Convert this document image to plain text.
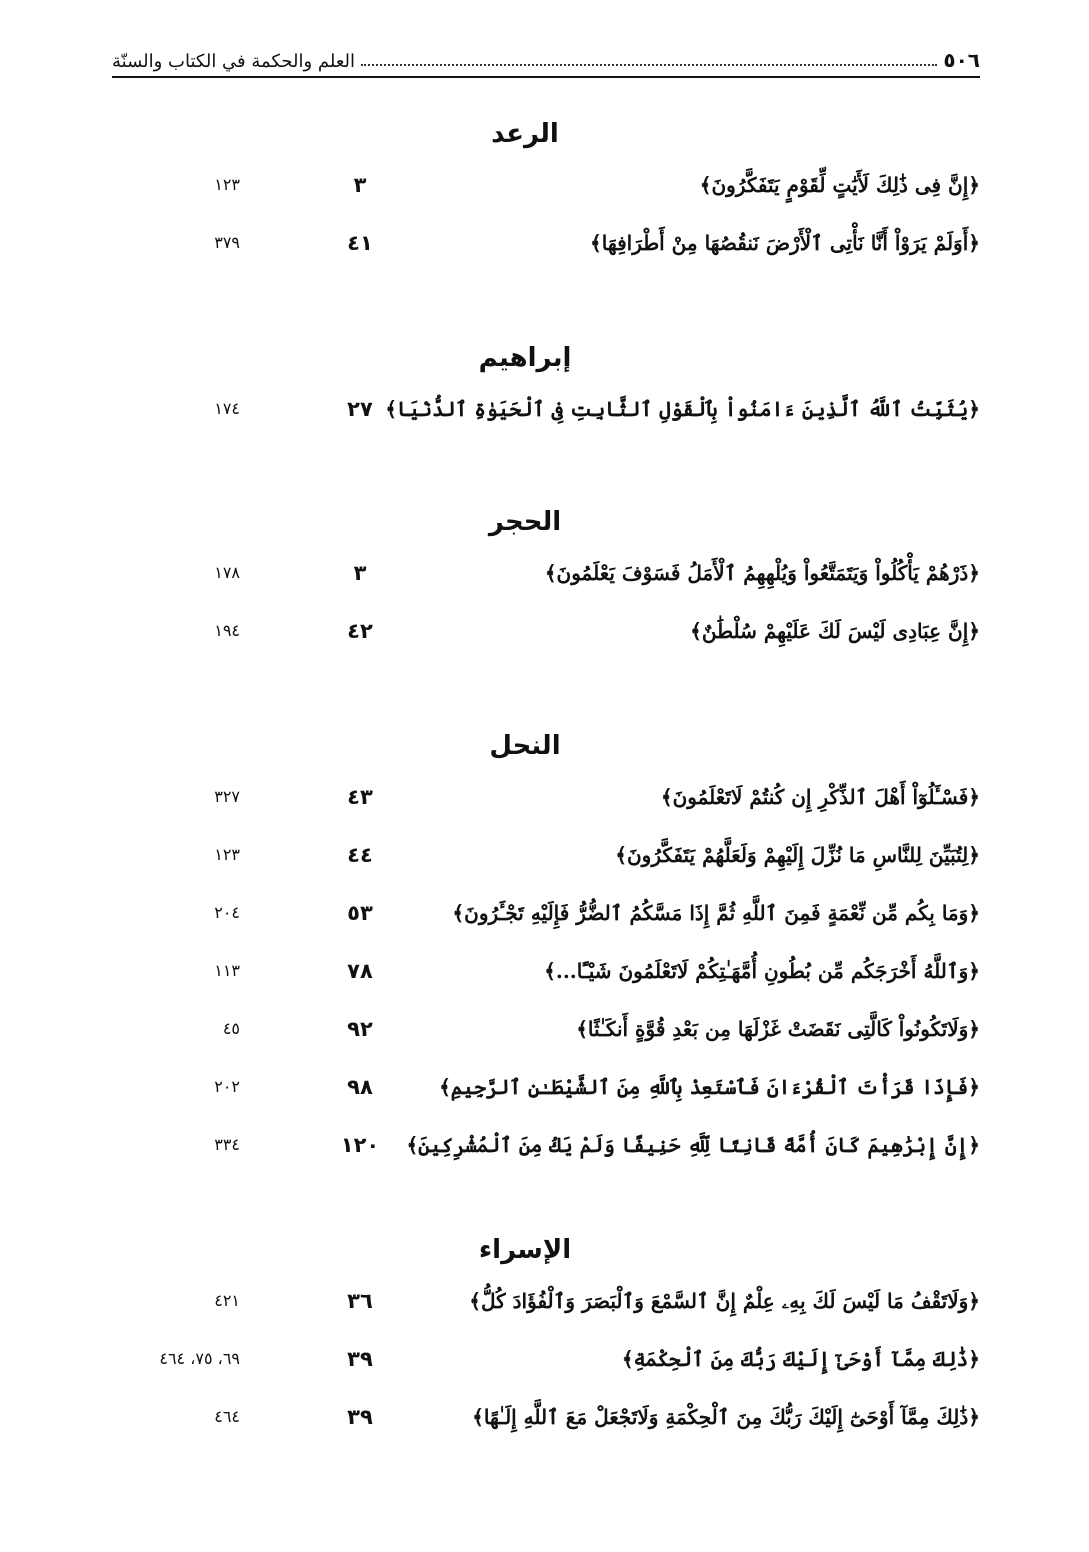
٥٠٦
العلم والحكمة في الكتاب والسنّة
الرعد
﴿إِنَّ فِى ذَٰلِكَ لَأَيَٰتٍ لِّقَوْمٍ يَتَفَكَّرُونَ﴾
٣
١٢٣
﴿أَوَلَمْ يَرَوْاْ أَنَّا نَأْتِى ٱلْأَرْضَ نَنقُصُهَا مِنْ أَطْرَافِهَا﴾
٤١
٣٧٩
إبراهيم
﴿يُثَبِّتُ ٱللَّهُ ٱلَّذِينَ ءَامَنُواْ بِٱلْقَوْلِ ٱلثَّابِتِ فِى ٱلْحَيَوٰةِ ٱلدُّنْيَا﴾
٢٧
١٧٤
الحجر
﴿ذَرْهُمْ يَأْكُلُواْ وَيَتَمَتَّعُواْ وَيُلْهِهِمُ ٱلْأَمَلُ فَسَوْفَ يَعْلَمُونَ﴾
٣
١٧٨
﴿إِنَّ عِبَادِى لَيْسَ لَكَ عَلَيْهِمْ سُلْطَٰنٌ﴾
٤٢
١٩٤
النحل
﴿فَسْـَٔلُوٓاْ أَهْلَ ٱلذِّكْرِ إِن كُنتُمْ لَاتَعْلَمُونَ﴾
٤٣
٣٢٧
﴿لِتُبَيِّنَ لِلنَّاسِ مَا نُزِّلَ إِلَيْهِمْ وَلَعَلَّهُمْ يَتَفَكَّرُونَ﴾
٤٤
١٢٣
﴿وَمَا بِكُم مِّن نِّعْمَةٍ فَمِنَ ٱللَّهِ ثُمَّ إِذَا مَسَّكُمُ ٱلضُّرُّ فَإِلَيْهِ تَجْـَٔرُونَ﴾
٥٣
٢٠٤
﴿وَٱللَّهُ أَخْرَجَكُم مِّن بُطُونِ أُمَّهَـٰتِكُمْ لَاتَعْلَمُونَ شَيْـًٔا...﴾
٧٨
١١٣
﴿وَلَاتَكُونُواْ كَالَّتِى نَقَضَتْ غَزْلَهَا مِن بَعْدِ قُوَّةٍ أَنكَـٰثًا﴾
٩٢
٤٥
﴿فَإِذَا قَرَأْتَ ٱلْقُرْءَانَ فَٱسْتَعِذْ بِٱللَّهِ مِنَ ٱلشَّيْطَـٰنِ ٱلرَّجِيمِ﴾
٩٨
٢٠٢
﴿إِنَّ إِبْرَٰهِيمَ كَانَ أُمَّةً قَانِتًا لِّلَّهِ حَنِيفًا وَلَمْ يَكُ مِنَ ٱلْمُشْرِكِينَ﴾
١٢٠
٣٣٤
الإسراء
﴿وَلَاتَقْفُ مَا لَيْسَ لَكَ بِهِۦ عِلْمٌ إِنَّ ٱلسَّمْعَ وَٱلْبَصَرَ وَٱلْفُؤَادَ كُلُّ﴾
٣٦
٤٢١
﴿ذَٰلِكَ مِمَّآ أَوْحَىٰٓ إِلَيْكَ رَبُّكَ مِنَ ٱلْحِكْمَةِ﴾
٣٩
٦٩، ٧٥، ٤٦٤
﴿ذَٰلِكَ مِمَّآ أَوْحَىٰٓ إِلَيْكَ رَبُّكَ مِنَ ٱلْحِكْمَةِ وَلَاتَجْعَلْ مَعَ ٱللَّهِ إِلَـٰهًا﴾
٣٩
٤٦٤
